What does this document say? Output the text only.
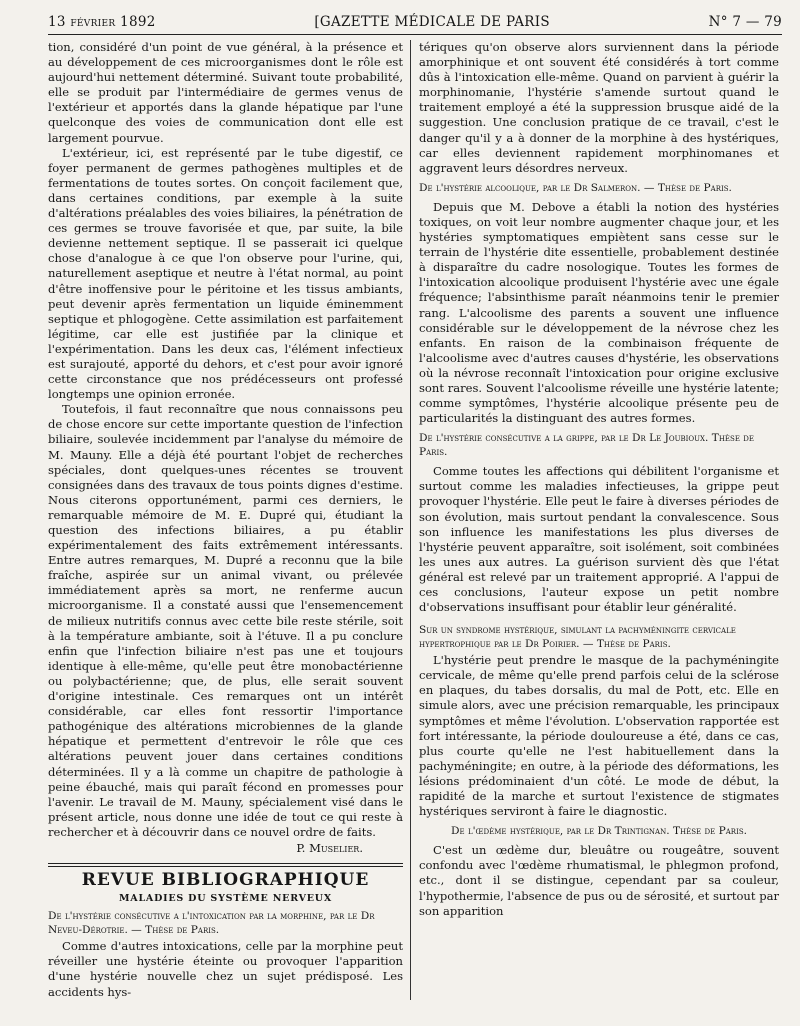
13 février 1892	[GAZETTE MÉDICALE DE PARIS	N° 7 — 79

tion, considéré d'un point de vue général, à la présence et au développement de ces microorganismes dont le rôle est aujourd'hui nettement déterminé. Suivant toute probabilité, elle se produit par l'intermédiaire de germes venus de l'extérieur et apportés dans la glande hépatique par l'une quelconque des voies de communication dont elle est largement pourvue.

L'extérieur, ici, est représenté par le tube digestif, ce foyer permanent de germes pathogènes multiples et de fermentations de toutes sortes. On conçoit facilement que, dans certaines conditions, par exemple à la suite d'altérations préalables des voies biliaires, la pénétration de ces germes se trouve favorisée et que, par suite, la bile devienne nettement septique. Il se passerait ici quelque chose d'analogue à ce que l'on observe pour l'urine, qui, naturellement aseptique et neutre à l'état normal, au point d'être inoffensive pour le péritoine et les tissus ambiants, peut devenir après fermentation un liquide éminemment septique et phlogogène. Cette assimilation est parfaitement légitime, car elle est justifiée par la clinique et l'expérimentation. Dans les deux cas, l'élément infectieux est surajouté, apporté du dehors, et c'est pour avoir ignoré cette circonstance que nos prédécesseurs ont professé longtemps une opinion erronée.

Toutefois, il faut reconnaître que nous connaissons peu de chose encore sur cette importante question de l'infection biliaire, soulevée incidemment par l'analyse du mémoire de M. Mauny. Elle a déjà été pourtant l'objet de recherches spéciales, dont quelques-unes récentes se trouvent consignées dans des travaux de tous points dignes d'estime. Nous citerons opportunément, parmi ces derniers, le remarquable mémoire de M. E. Dupré qui, étudiant la question des infections biliaires, a pu établir expérimentalement des faits extrêmement intéressants. Entre autres remarques, M. Dupré a reconnu que la bile fraîche, aspirée sur un animal vivant, ou prélevée immédiatement après sa mort, ne renferme aucun microorganisme. Il a constaté aussi que l'ensemencement de milieux nutritifs connus avec cette bile reste stérile, soit à la température ambiante, soit à l'étuve. Il a pu conclure enfin que l'infection biliaire n'est pas une et toujours identique à elle-même, qu'elle peut être monobactérienne ou polybactérienne; que, de plus, elle serait souvent d'origine intestinale. Ces remarques ont un intérêt considérable, car elles font ressortir l'importance pathogénique des altérations microbiennes de la glande hépatique et permettent d'entrevoir le rôle que ces altérations peuvent jouer dans certaines conditions déterminées. Il y a là comme un chapitre de pathologie à peine ébauché, mais qui paraît fécond en promesses pour l'avenir. Le travail de M. Mauny, spécialement visé dans le présent article, nous donne une idée de tout ce qui reste à rechercher et à découvrir dans ce nouvel ordre de faits.

P. Muselier.
REVUE BIBLIOGRAPHIQUE
MALADIES DU SYSTÈME NERVEUX

De l'hystérie consécutive a l'intoxication par la morphine, par le Dr Neveu-Dérotrie. — Thèse de Paris.

Comme d'autres intoxications, celle par la morphine peut réveiller une hystérie éteinte ou provoquer l'apparition d'une hystérie nouvelle chez un sujet prédisposé. Les accidents hys-

tériques qu'on observe alors surviennent dans la période amorphinique et ont souvent été considérés à tort comme dûs à l'intoxication elle-même. Quand on parvient à guérir la morphinomanie, l'hystérie s'amende surtout quand le traitement employé a été la suppression brusque aidé de la suggestion. Une conclusion pratique de ce travail, c'est le danger qu'il y a à donner de la morphine à des hystériques, car elles deviennent rapidement morphinomanes et aggravent leurs désordres nerveux.

De l'hystérie alcoolique, par le Dr Salmeron. — Thèse de Paris.

Depuis que M. Debove a établi la notion des hystéries toxiques, on voit leur nombre augmenter chaque jour, et les hystéries symptomatiques empiètent sans cesse sur le terrain de l'hystérie dite essentielle, probablement destinée à disparaître du cadre nosologique. Toutes les formes de l'intoxication alcoolique produisent l'hystérie avec une égale fréquence; l'absinthisme paraît néanmoins tenir le premier rang. L'alcoolisme des parents a souvent une influence considérable sur le développement de la névrose chez les enfants. En raison de la combinaison fréquente de l'alcoolisme avec d'autres causes d'hystérie, les observations où la névrose reconnaît l'intoxication pour origine exclusive sont rares. Souvent l'alcoolisme réveille une hystérie latente; comme symptômes, l'hystérie alcoolique présente peu de particularités la distinguant des autres formes.

De l'hystérie consécutive a la grippe, par le Dr Le Joubioux. Thèse de Paris.

Comme toutes les affections qui débilitent l'organisme et surtout comme les maladies infectieuses, la grippe peut provoquer l'hystérie. Elle peut le faire à diverses périodes de son évolution, mais surtout pendant la convalescence. Sous son influence les manifestations les plus diverses de l'hystérie peuvent apparaître, soit isolément, soit combinées les unes aux autres. La guérison survient dès que l'état général est relevé par un traitement approprié. A l'appui de ces conclusions, l'auteur expose un petit nombre d'observations insuffisant pour établir leur généralité.

Sur un syndrome hystérique, simulant la pachyméningite cervicale hypertrophique par le Dr Poirier. — Thèse de Paris.

L'hystérie peut prendre le masque de la pachyméningite cervicale, de même qu'elle prend parfois celui de la sclérose en plaques, du tabes dorsalis, du mal de Pott, etc. Elle en simule alors, avec une précision remarquable, les principaux symptômes et même l'évolution. L'observation rapportée est fort intéressante, la période douloureuse a été, dans ce cas, plus courte qu'elle ne l'est habituellement dans la pachyméningite; en outre, à la période des déformations, les lésions prédominaient d'un côté. Le mode de début, la rapidité de la marche et surtout l'existence de stigmates hystériques serviront à faire le diagnostic.

De l'œdème hystérique, par le Dr Trintignan. Thèse de Paris.

C'est un œdème dur, bleuâtre ou rougeâtre, souvent confondu avec l'œdème rhumatismal, le phlegmon profond, etc., dont il se distingue, cependant par sa couleur, l'hypothermie, l'absence de pus ou de sérosité, et surtout par son apparition
